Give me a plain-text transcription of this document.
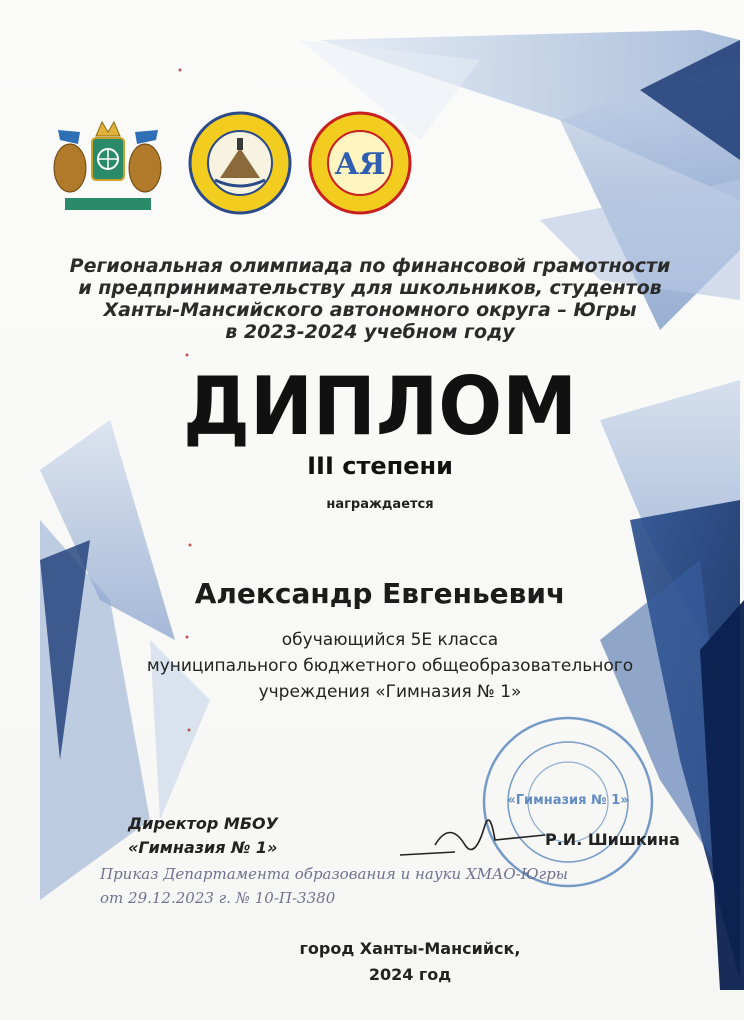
АЯ
Региональная олимпиада по финансовой грамотности
и предпринимательству для школьников, студентов
Ханты-Мансийского автономного округа – Югры
в 2023-2024 учебном году
ДИПЛОМ
III степени
награждается
Александр Евгеньевич
обучающийся 5Е класса
муниципального бюджетного общеобразовательного
учреждения «Гимназия № 1»
«Гимназия № 1»
Директор МБОУ
«Гимназия № 1»	Р.И. Шишкина
Приказ Департамента образования и науки ХМАО-Югры
от 29.12.2023 г. № 10-П-3380
город Ханты-Мансийск,
2024 год
